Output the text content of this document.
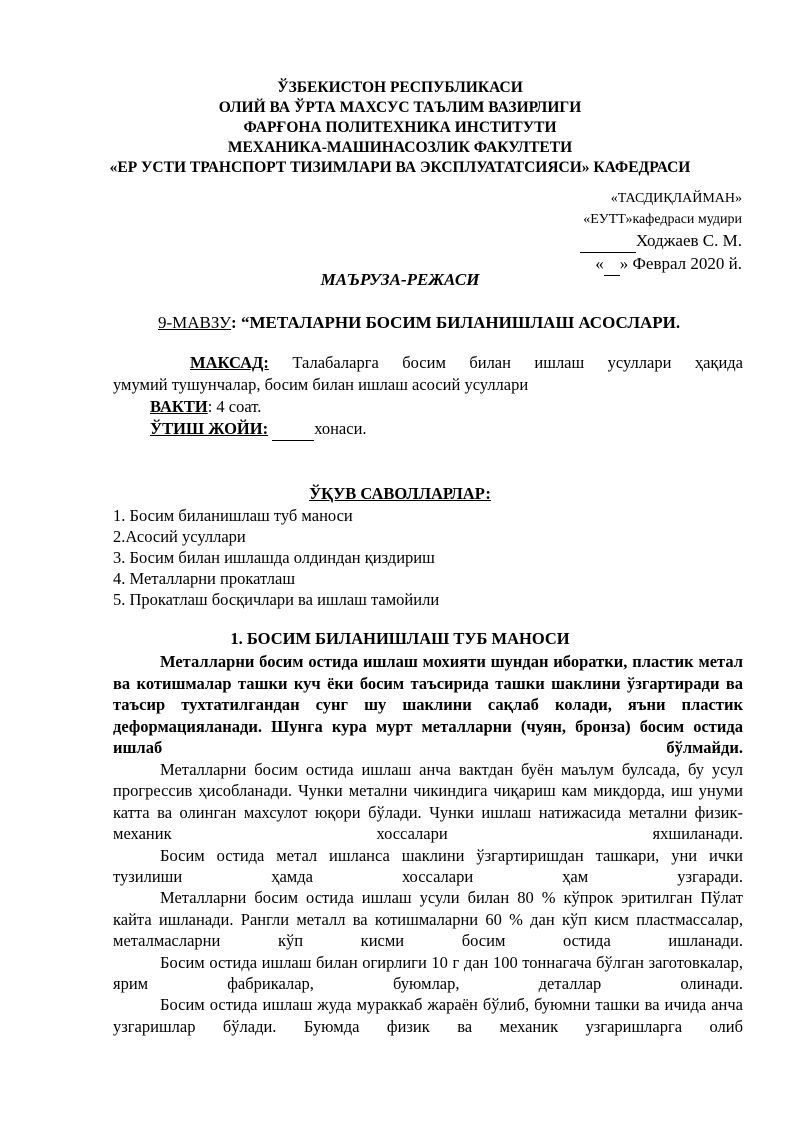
ЎЗБЕКИСТОН РЕСПУБЛИКАСИ
ОЛИЙ ВА ЎРТА МАХСУС ТАЪЛИМ ВАЗИРЛИГИ
ФАРҒОНА ПОЛИТЕХНИКА ИНСТИТУТИ
МЕХАНИКА-МАШИНАСОЗЛИК ФАКУЛТЕТИ
«ЕР УСТИ ТРАНСПОРТ ТИЗИМЛАРИ ВА ЭКСПЛУАТАТСИЯСИ» КАФЕДРАСИ
«ТАСДИҚЛАЙМАН»
«ЕУТТ»кафедраси мудири
Ходжаев С. М.
« » Феврал 2020 й.
МАЪРУЗА-РЕЖАСИ
9-МАВЗУ: “МЕТАЛАРНИ БОСИМ БИЛАНИШЛАШ АСОСЛАРИ.
МАКСАД: Талабаларга босим билан ишлаш усуллари ҳақида
умумий тушунчалар, босим билан ишлаш асосий усуллари
ВАКТИ: 4 соат.
ЎТИШ ЖОЙИ:	хонаси.
ЎҚУВ САВОЛЛАРЛАР:
1. Босим биланишлаш туб маноси
2.Асосий усуллари
3. Босим билан ишлашда олдиндан қиздириш
4. Металларни прокатлаш
5. Прокатлаш босқичлари ва ишлаш тамойили
1. БОСИМ БИЛАНИШЛАШ ТУБ МАНОСИ

Металларни босим остида ишлаш мохияти шундан иборатки, пластик метал ва котишмалар ташки куч ёки босим таъсирида ташки шаклини ўзгартиради ва таъсир тухтатилгандан сунг шу шаклини сақлаб колади, яъни пластик деформацияланади. Шунга кура мурт металларни (чуян, бронза) босим остида ишлаб бўлмайди.

Металларни босим остида ишлаш анча вактдан буён маълум булсада, бу усул прогрессив ҳисобланади. Чунки метални чикиндига чиқариш кам микдорда, иш унуми катта ва олинган махсулот юқори бўлади. Чунки ишлаш натижасида метални физик-механик хоссалари яхшиланади.

Босим остида метал ишланса шаклини ўзгартиришдан ташкари, уни ички тузилиши ҳамда хоссалари ҳам узгаради.

Металларни босим остида ишлаш усули билан 80 % кўпрок эритилган Пўлат кайта ишланади. Рангли металл ва котишмаларни 60 % дан кўп кисм пластмассалар, металмасларни кўп кисми босим остида ишланади.

Босим остида ишлаш билан огирлиги 10 г дан 100 тоннагача бўлган заготовкалар, ярим фабрикалар, буюмлар, деталлар олинади.

Босим остида ишлаш жуда мураккаб жараён бўлиб, буюмни ташки ва ичида анча узгаришлар бўлади. Буюмда физик ва механик узгаришларга олиб
